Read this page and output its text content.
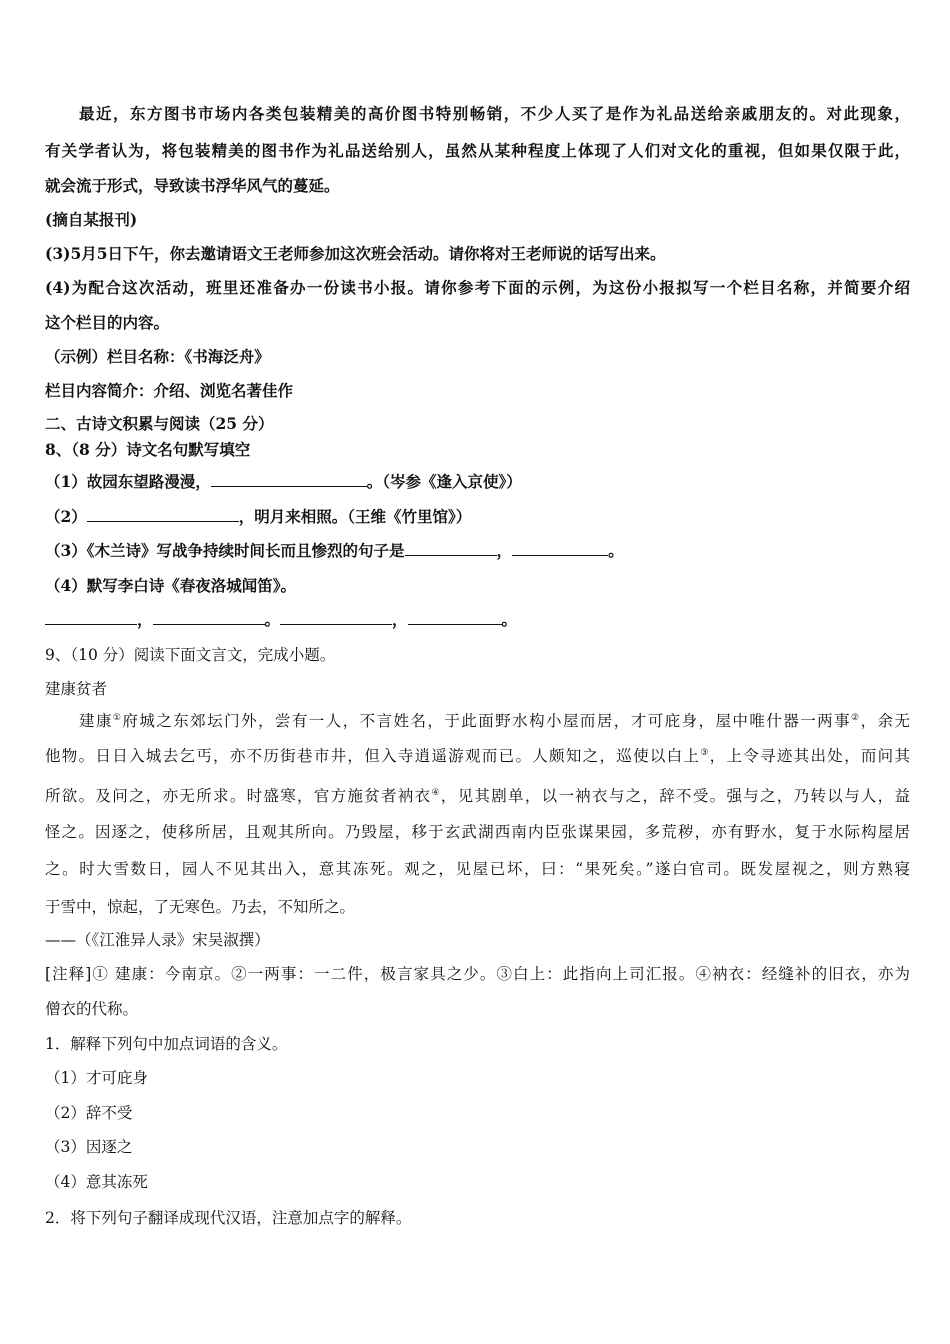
最近，东方图书市场内各类包装精美的高价图书特别畅销，不少人买了是作为礼品送给亲戚朋友的。对此现象，
有关学者认为，将包装精美的图书作为礼品送给别人，虽然从某种程度上体现了人们对文化的重视，但如果仅限于此，
就会流于形式，导致读书浮华风气的蔓延。
(摘自某报刊)
(3)5月5日下午，你去邀请语文王老师参加这次班会活动。请你将对王老师说的话写出来。
(4)为配合这次活动，班里还准备办一份读书小报。请你参考下面的示例，为这份小报拟写一个栏目名称，并简要介绍
这个栏目的内容。
（示例）栏目名称：《书海泛舟》
栏目内容简介：介绍、浏览名著佳作
二、古诗文积累与阅读（25 分）
8、（8 分）诗文名句默写填空
（1）故园东望路漫漫，	。（岑参《逢入京使》）
（2）	，明月来相照。（王维《竹里馆》）
（3）《木兰诗》写战争持续时间长而且惨烈的句子是	，	。
（4）默写李白诗《春夜洛城闻笛》。
，	。	，	。
9、（10 分）阅读下面文言文，完成小题。
建康贫者
建康①府城之东郊坛门外，尝有一人，不言姓名，于此面野水构小屋而居，才可庇身，屋中唯什器一两事②，余无
他物。日日入城去乞丐，亦不历街巷市井，但入寺逍遥游观而已。人颇知之，巡使以白上③，上令寻迹其出处，而问其
所欲。及问之，亦无所求。时盛寒，官方施贫者衲衣④，见其剧单，以一衲衣与之，辞不受。强与之，乃转以与人，益
怪之。因逐之，使移所居，且观其所向。乃毁屋，移于玄武湖西南内臣张谋果园，多荒秽，亦有野水，复于水际构屋居
之。时大雪数日，园人不见其出入，意其冻死。观之，见屋已坏，曰：“果死矣。”遂白官司。既发屋视之，则方熟寝
于雪中，惊起，了无寒色。乃去，不知所之。
——（《江淮异人录》宋吴淑撰）
[注释]① 建康：今南京。②一两事：一二件，极言家具之少。③白上：此指向上司汇报。④衲衣：经缝补的旧衣，亦为
僧衣的代称。
1．解释下列句中加点词语的含义。
（1）才可庇身
（2）辞不受
（3）因逐之
（4）意其冻死
2．将下列句子翻译成现代汉语，注意加点字的解释。
